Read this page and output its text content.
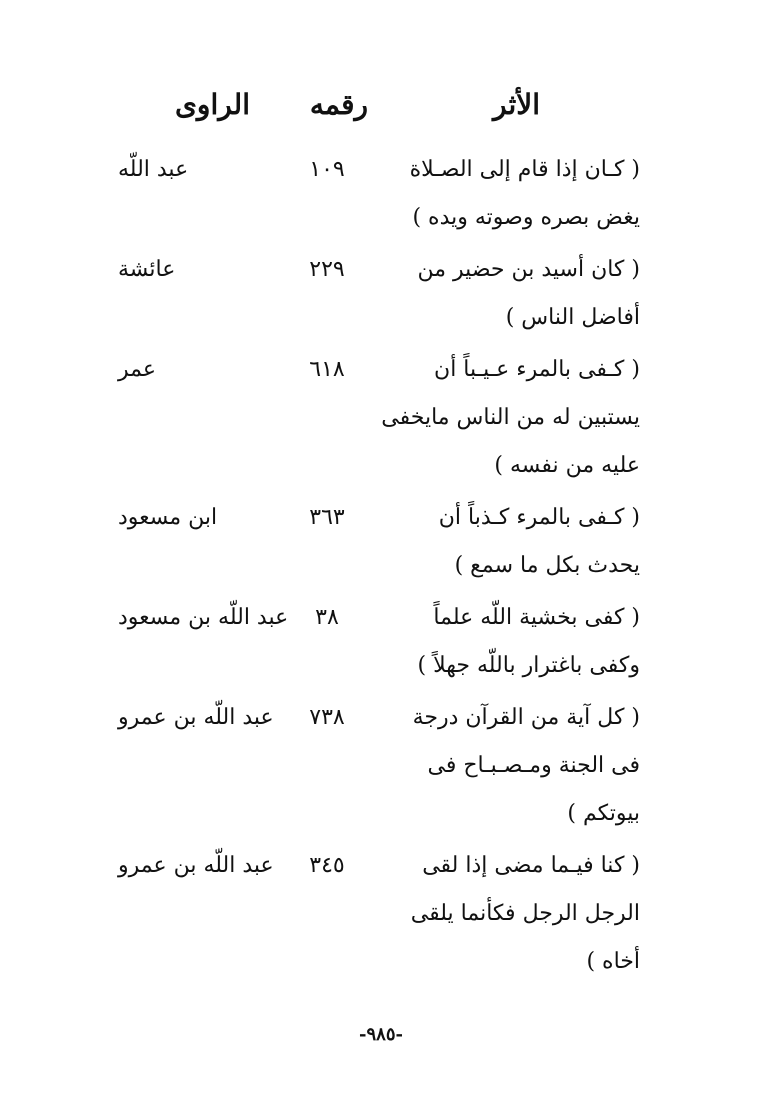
الأثر
رقمه
الراوى
( كـان إذا قام إلى الصـلاة
يغض بصره وصوته ويده )
١٠٩
عبد اللّه
( كان أسيد بن حضير من
أفاضل الناس )
٢٢٩
عائشة
( كـفى بالمرء عـيـباً أن
يستبين له من الناس مايخفى
عليه من نفسه )
٦١٨
عمر
( كـفى بالمرء كـذباً أن
يحدث بكل ما سمع )
٣٦٣
ابن مسعود
( كفى بخشية اللّه علماً
وكفى باغترار باللّه جهلاً )
٣٨
عبد اللّه بن مسعود
( كل آية من القرآن درجة
فى الجنة ومـصـبـاح فى
بيوتكم )
٧٣٨
عبد اللّه بن عمرو
( كنا فيـما مضى إذا لقى
الرجل الرجل فكأنما يلقى
أخاه )
٣٤٥
عبد اللّه بن عمرو
-٩٨٥-
